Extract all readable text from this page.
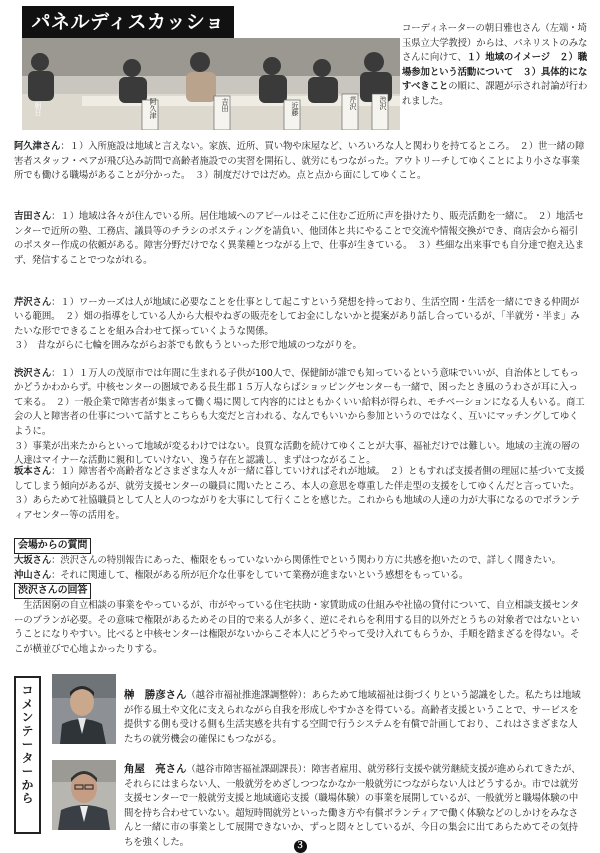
パネルディスカッショ
阿久津	吉田	近藤
朝日	芹沢	渋沢
コーディネーターの朝日雅也さん（左端・埼玉県立大学教授）からは、パネリストのみなさんに向けて、１）地域のイメージ　２）職場参加という活動について　３）具体的になすべきことの順に、課題が示され討論が行われました。
阿久津さん：１）入所施設は地域と言えない。家族、近所、買い物や床屋など、いろいろな人と関わりを持てるところ。　２）世一緒の障害者スタッフ・ペアが飛び込み訪問で高齢者施設での実習を開拓し、就労にもつながった。アウトリーチしてゆくことにより小さな事業所でも働ける職場があることが分かった。　３）制度だけではだめ。点と点から面にしてゆくこと。
吉田さん：１）地域は各々が住んでいる所。居住地域へのアピールはそこに住むご近所に声を掛けたり、販売活動を一緒に。　２）地活センターで近所の塾、工務店、議員等のチラシのポスティングを請負い、他団体と共にやることで交流や情報交換ができ、商店会から福引のポスター作成の依頼がある。障害分野だけでなく異業種とつながる上で、仕事が生きている。　３）些細な出来事でも自分達で抱え込まず、発信することでつながれる。

芹沢さん：１）ワーカーズは人が地域に必要なことを仕事として起こすという発想を持っており、生活空間・生活を一緒にできる仲間がいる範囲。　２）畑の指導をしている人から大根やねぎの販売をしてお金にしないかと提案があり話し合っているが、「半就労・半ま」みたいな形でできることを組み合わせて探っていくような関係。
３）　昔ながらに七輪を囲みながらお茶でも飲もうといった形で地域のつながりを。

渋沢さん：１）１万人の茂原市では年間に生まれる子供が100人で、保健師が誰でも知っているという意味でいいが、自治体としてもっかどうかわからず。中核センターの圏域である長生郡１５万人ならばショッピングセンターも一緒で、困ったとき風のうわさが耳に入って来る。　２）一般企業で障害者が集まって働く場に関して内容的にはともかくいい給料が得られ、モチベーションになる人もいる。商工会の人と障害者の仕事について話すとこちらも大変だと言われる、なんでもいいから参加というのではなく、互いにマッチングしてゆくように。
３）事業が出来たからといって地域が変るわけではない。良質な活動を続けてゆくことが大事、福祉だけでは難しい。地域の主流の層の人達はマイナーな活動に親和していけない、逸う存在と認識し、まずはつながること。

坂本さん：１）障害者や高齢者などさまざまな人々が一緒に暮していければそれが地域。　２）ともすれば支援者側の理屈に基づいて支援してしまう傾向があるが、就労支援センターの職員に聞いたところ、本人の意思を尊重した伴走型の支援をしてゆくんだと言っていた。　３）あらためて社協職員として人と人のつながりを大事にして行くことを感じた。これからも地域の人達の力が大事になるのでボランティアセンター等の活用を。
会場からの質問
大坂さん：渋沢さんの特別報告にあった、権限をもっていないから関係性でという関わり方に共感を抱いたので、詳しく聞きたい。
沖山さん：それに関連して、権限がある所が厄介な仕事をしていて業務が進まないという感想をもっている。
渋沢さんの回答
　生活困窮の自立相談の事業をやっているが、市がやっている住宅扶助・家賃助成の仕組みや社協の貸付について、自立相談支援センターのプランが必要。その意味で権限があるためその目的で来る人が多く、逆にそれらを利用する目的以外だとうちの対象者ではないということになりやすい。比べると中核センターは権限がないからこそ本人にどうやって受け入れてもらうか、手順を踏まざるを得ない。そこが横並びで心地よかったりする。
コ
メ
ン
テ
ー
タ
ー
か
ら
榊　勝彦さん（越谷市福祉推進課調整幹）：あらためて地域福祉は街づくりという認識をした。私たちは地域が作る風土や文化に支えられながら自我を形成しやすかさを得ている。高齢者支援ということで、サービスを提供する側も受ける側も生活実感を共有する空間で行うシステムを有償で計画しており、これはさまざまな人たちの就労機会の確保にもつながる。
角屋　亮さん（越谷市障害福祉課副課長）：障害者雇用、就労移行支援や就労継続支援が進められてきたが、それらにはまらない人、一般就労をめざしつつなかなか一般就労につながらない人はどうするか。市では就労支援センターで一般就労支援と地域適応支援（職場体験）の事業を展開しているが、一般就労と職場体験の中間を持ち合わせていない。超短時間就労といった働き方や有償ボランティアで働く体験などのしかけをみなさんと一緒に市の事業として展開できないか、ずっと悶々としているが、今日の集会に出てあらためてその気持ちを強くした。	３
